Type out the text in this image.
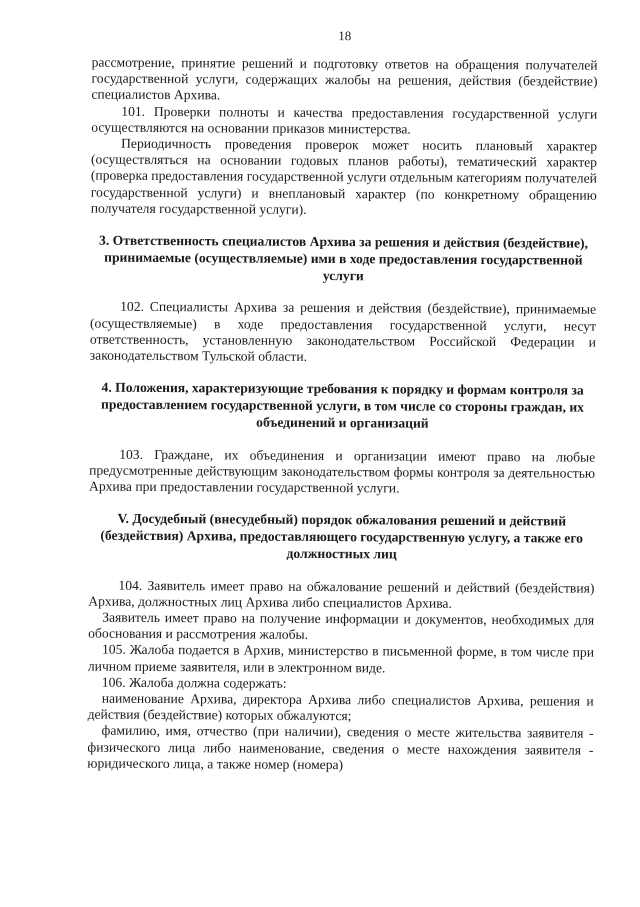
18

рассмотрение, принятие решений и подготовку ответов на обращения получателей государственной услуги, содержащих жалобы на решения, действия (бездействие) специалистов Архива.

101. Проверки полноты и качества предоставления государственной услуги осуществляются на основании приказов министерства.

Периодичность проведения проверок может носить плановый характер (осуществляться на основании годовых планов работы), тематический характер (проверка предоставления государственной услуги отдельным категориям получателей государственной услуги) и внеплановый характер (по конкретному обращению получателя государственной услуги).

3. Ответственность специалистов Архива за решения и действия (бездействие), принимаемые (осуществляемые) ими в ходе предоставления государственной услуги

102. Специалисты Архива за решения и действия (бездействие), принимаемые (осуществляемые) в ходе предоставления государственной услуги, несут ответственность, установленную законодательством Российской Федерации и законодательством Тульской области.

4. Положения, характеризующие требования к порядку и формам контроля за предоставлением государственной услуги, в том числе со стороны граждан, их объединений и организаций

103. Граждане, их объединения и организации имеют право на любые предусмотренные действующим законодательством формы контроля за деятельностью Архива при предоставлении государственной услуги.

V. Досудебный (внесудебный) порядок обжалования решений и действий (бездействия) Архива, предоставляющего государственную услугу, а также его должностных лиц

104. Заявитель имеет право на обжалование решений и действий (бездействия) Архива, должностных лиц Архива либо специалистов Архива.

Заявитель имеет право на получение информации и документов, необходимых для обоснования и рассмотрения жалобы.

105. Жалоба подается в Архив, министерство в письменной форме, в том числе при личном приеме заявителя, или в электронном виде.

106. Жалоба должна содержать:

наименование Архива, директора Архива либо специалистов Архива, решения и действия (бездействие) которых обжалуются;

фамилию, имя, отчество (при наличии), сведения о месте жительства заявителя - физического лица либо наименование, сведения о месте нахождения заявителя - юридического лица, а также номер (номера)
